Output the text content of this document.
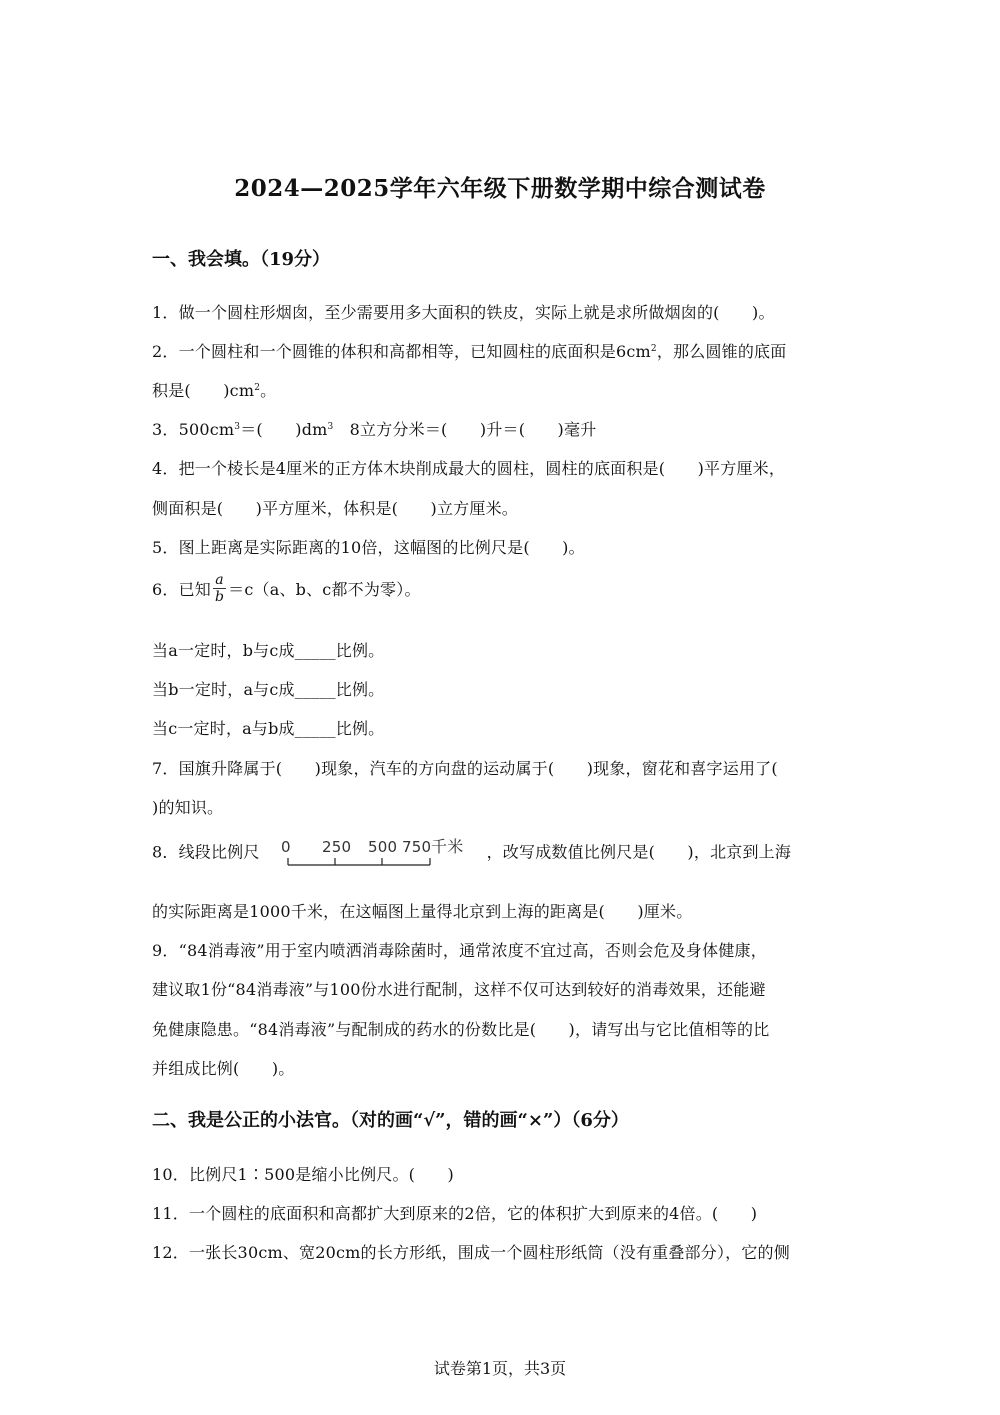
2024—2025学年六年级下册数学期中综合测试卷
一、我会填。（19分）
1．做一个圆柱形烟囱，至少需要用多大面积的铁皮，实际上就是求所做烟囱的(　　)。
2．一个圆柱和一个圆锥的体积和高都相等，已知圆柱的底面积是$6cm^2$，那么圆锥的底面
积是(　　)$cm^2$。
3．$500cm^3=$(　　)$dm^3$　8立方分米＝(　　)升＝(　　)毫升
4．把一个棱长是4厘米的正方体木块削成最大的圆柱，圆柱的底面积是(　　)平方厘米，
侧面积是(　　)平方厘米，体积是(　　)立方厘米。
5．图上距离是实际距离的10倍，这幅图的比例尺是(　　)。
6．已知 $\frac{a}{b} =c(a$、b、c都不为零）。
当a一定时，b与c成_____比例。
当b一定时，a与c成_____比例。
当c一定时，a与b成_____比例。
7．国旗升降属于(　　)现象，汽车的方向盘的运动属于(　　)现象，窗花和喜字运用了(
)的知识。
8．线段比例尺 0 250 500 750 千米 ，改写成数值比例尺是(　　)，北京到上海
的实际距离是1000千米，在这幅图上量得北京到上海的距离是(　　)厘米。
9．“84消毒液”用于室内喷洒消毒除菌时，通常浓度不宜过高，否则会危及身体健康，
建议取1份“84消毒液”与100份水进行配制，这样不仅可达到较好的消毒效果，还能避
免健康隐患。“84消毒液”与配制成的药水的份数比是(　　)，请写出与它比值相等的比
并组成比例(　　)。
二、我是公正的小法官。（对的画“√”，错的画“×”）（6分）
10．比例尺1∶500是缩小比例尺。(　　)
11．一个圆柱的底面积和高都扩大到原来的2倍，它的体积扩大到原来的4倍。(　　)
12．一张长30cm、宽20cm的长方形纸，围成一个圆柱形纸筒（没有重叠部分），它的侧
试卷第1页，共3页
